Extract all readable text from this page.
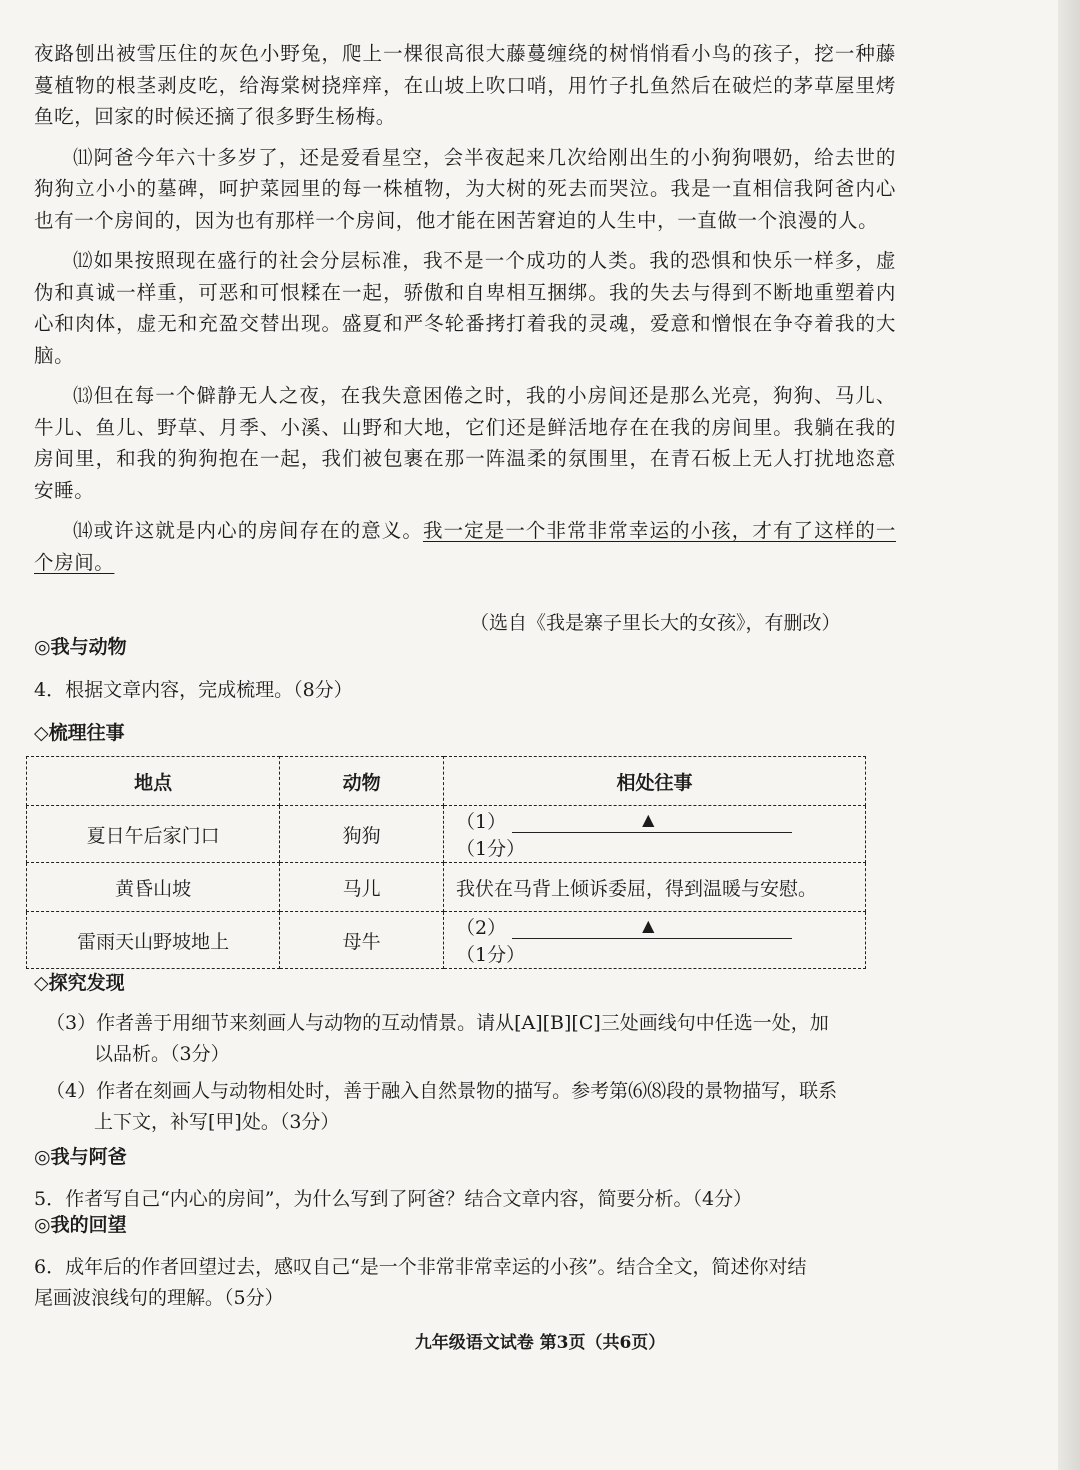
夜路刨出被雪压住的灰色小野兔，爬上一棵很高很大藤蔓缠绕的树悄悄看小鸟的孩子，挖一种藤蔓植物的根茎剥皮吃，给海棠树挠痒痒，在山坡上吹口哨，用竹子扎鱼然后在破烂的茅草屋里烤鱼吃，回家的时候还摘了很多野生杨梅。

⑾阿爸今年六十多岁了，还是爱看星空，会半夜起来几次给刚出生的小狗狗喂奶，给去世的狗狗立小小的墓碑，呵护菜园里的每一株植物，为大树的死去而哭泣。我是一直相信我阿爸内心也有一个房间的，因为也有那样一个房间，他才能在困苦窘迫的人生中，一直做一个浪漫的人。

⑿如果按照现在盛行的社会分层标准，我不是一个成功的人类。我的恐惧和快乐一样多，虚伪和真诚一样重，可恶和可恨糅在一起，骄傲和自卑相互捆绑。我的失去与得到不断地重塑着内心和肉体，虚无和充盈交替出现。盛夏和严冬轮番拷打着我的灵魂，爱意和憎恨在争夺着我的大脑。

⒀但在每一个僻静无人之夜，在我失意困倦之时，我的小房间还是那么光亮，狗狗、马儿、牛儿、鱼儿、野草、月季、小溪、山野和大地，它们还是鲜活地存在在我的房间里。我躺在我的房间里，和我的狗狗抱在一起，我们被包裹在那一阵温柔的氛围里，在青石板上无人打扰地恣意安睡。

⒁或许这就是内心的房间存在的意义。我一定是一个非常非常幸运的小孩，才有了这样的一个房间。

（选自《我是寨子里长大的女孩》，有删改）
◎我与动物
4．根据文章内容，完成梳理。（8分）
◇梳理往事
地点	动物	相处往事
夏日午后家门口	狗狗	（1） ▲
（1分）
黄昏山坡	马儿	我伏在马背上倾诉委屈，得到温暖与安慰。
雷雨天山野坡地上	母牛	（2） ▲
（1分）
◇探究发现
（3）作者善于用细节来刻画人与动物的互动情景。请从[A][B][C]三处画线句中任选一处，加
以品析。（3分）
（4）作者在刻画人与动物相处时，善于融入自然景物的描写。参考第⑹⑻段的景物描写，联系
上下文，补写[甲]处。（3分）
◎我与阿爸
5．作者写自己“内心的房间”，为什么写到了阿爸？结合文章内容，简要分析。（4分）
◎我的回望
6．成年后的作者回望过去，感叹自己“是一个非常非常幸运的小孩”。结合全文，简述你对结
尾画波浪线句的理解。（5分）
九年级语文试卷 第3页（共6页）
